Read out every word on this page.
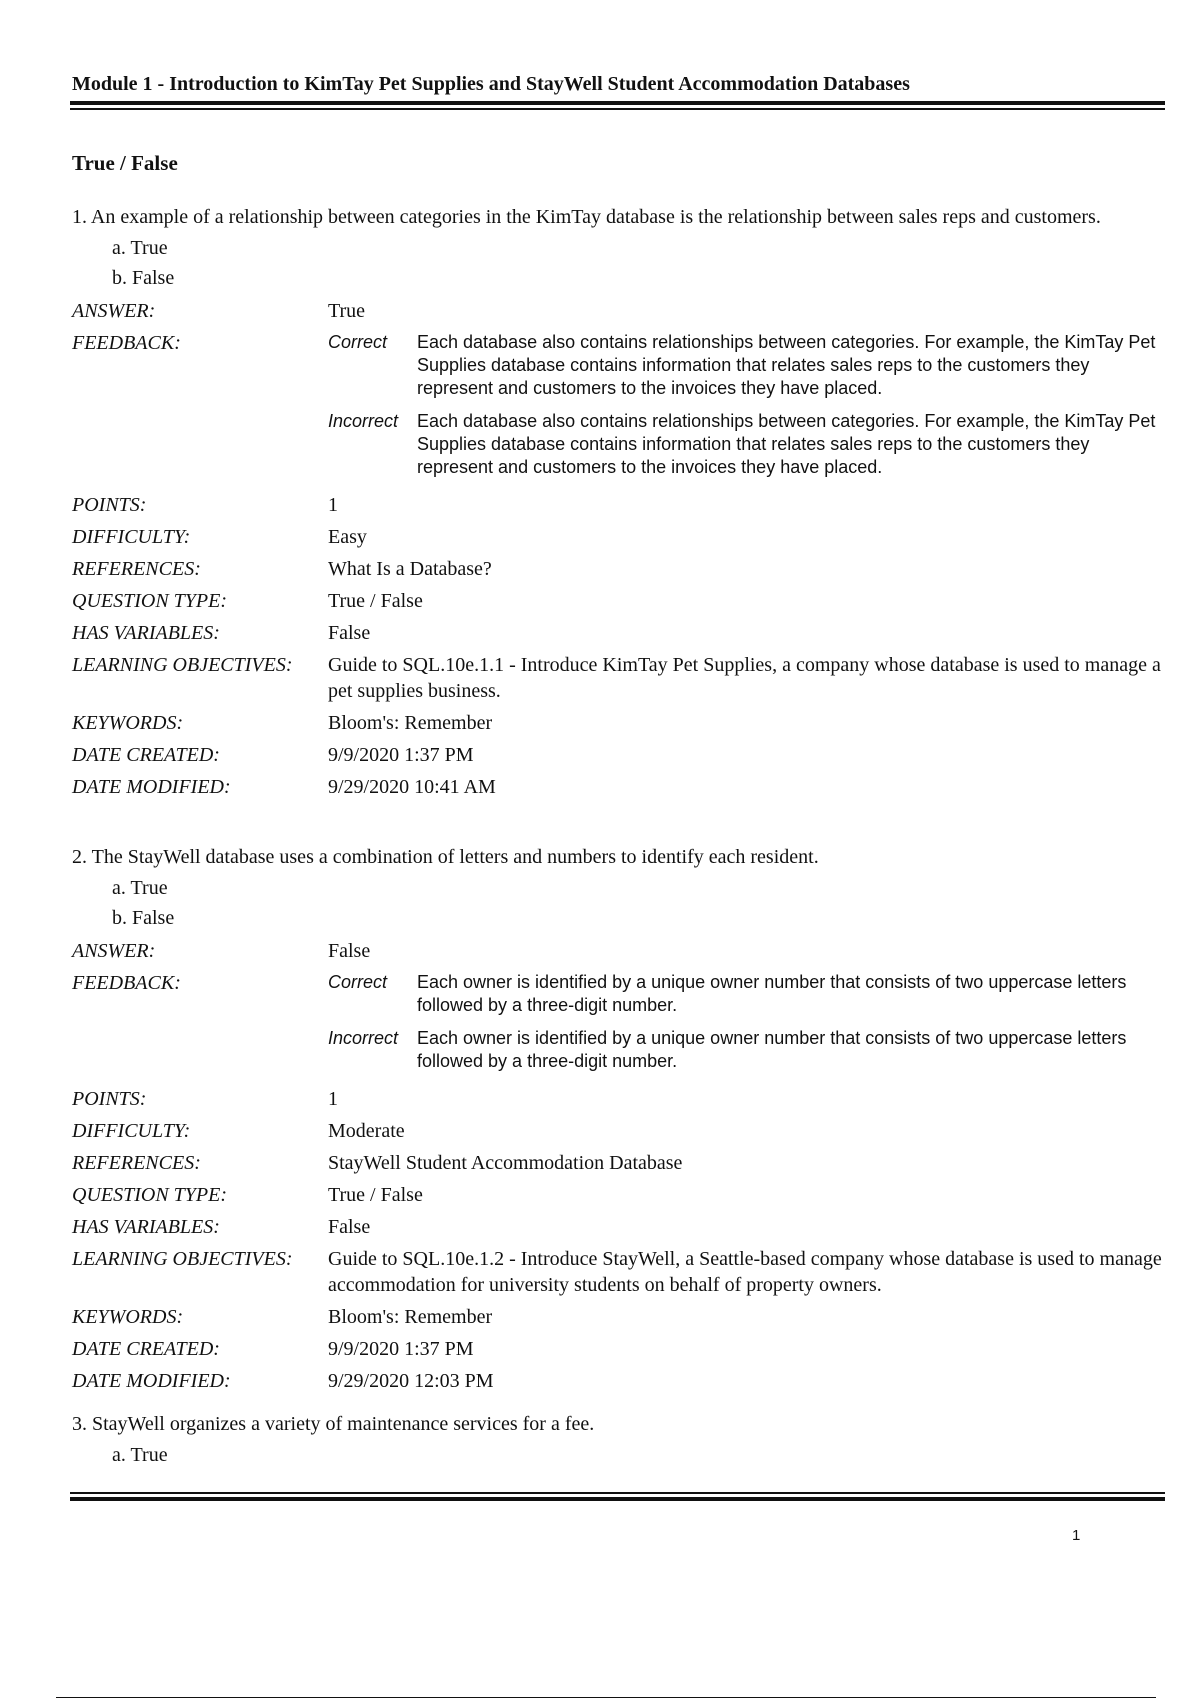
Module 1 - Introduction to KimTay Pet Supplies and StayWell Student Accommodation Databases
True / False

1. An example of a relationship between categories in the KimTay database is the relationship between sales reps and customers.

a. True
b. False
ANSWER:	True
FEEDBACK:	Correct	Each database also contains relationships between categories. For example, the KimTay Pet Supplies database contains information that relates sales reps to the customers they represent and customers to the invoices they have placed.
Incorrect	Each database also contains relationships between categories. For example, the KimTay Pet Supplies database contains information that relates sales reps to the customers they represent and customers to the invoices they have placed.
POINTS:	1
DIFFICULTY:	Easy
REFERENCES:	What Is a Database?
QUESTION TYPE:	True / False
HAS VARIABLES:	False
LEARNING OBJECTIVES:	Guide to SQL.10e.1.1 - Introduce KimTay Pet Supplies, a company whose database is used to manage a pet supplies business.
KEYWORDS:	Bloom's: Remember
DATE CREATED:	9/9/2020 1:37 PM
DATE MODIFIED:	9/29/2020 10:41 AM

2. The StayWell database uses a combination of letters and numbers to identify each resident.

a. True
b. False
ANSWER:	False
FEEDBACK:	Correct	Each owner is identified by a unique owner number that consists of two uppercase letters followed by a three-digit number.
Incorrect	Each owner is identified by a unique owner number that consists of two uppercase letters followed by a three-digit number.
POINTS:	1
DIFFICULTY:	Moderate
REFERENCES:	StayWell Student Accommodation Database
QUESTION TYPE:	True / False
HAS VARIABLES:	False
LEARNING OBJECTIVES:	Guide to SQL.10e.1.2 - Introduce StayWell, a Seattle-based company whose database is used to manage accommodation for university students on behalf of property owners.
KEYWORDS:	Bloom's: Remember
DATE CREATED:	9/9/2020 1:37 PM
DATE MODIFIED:	9/29/2020 12:03 PM

3. StayWell organizes a variety of maintenance services for a fee.

a. True
1
